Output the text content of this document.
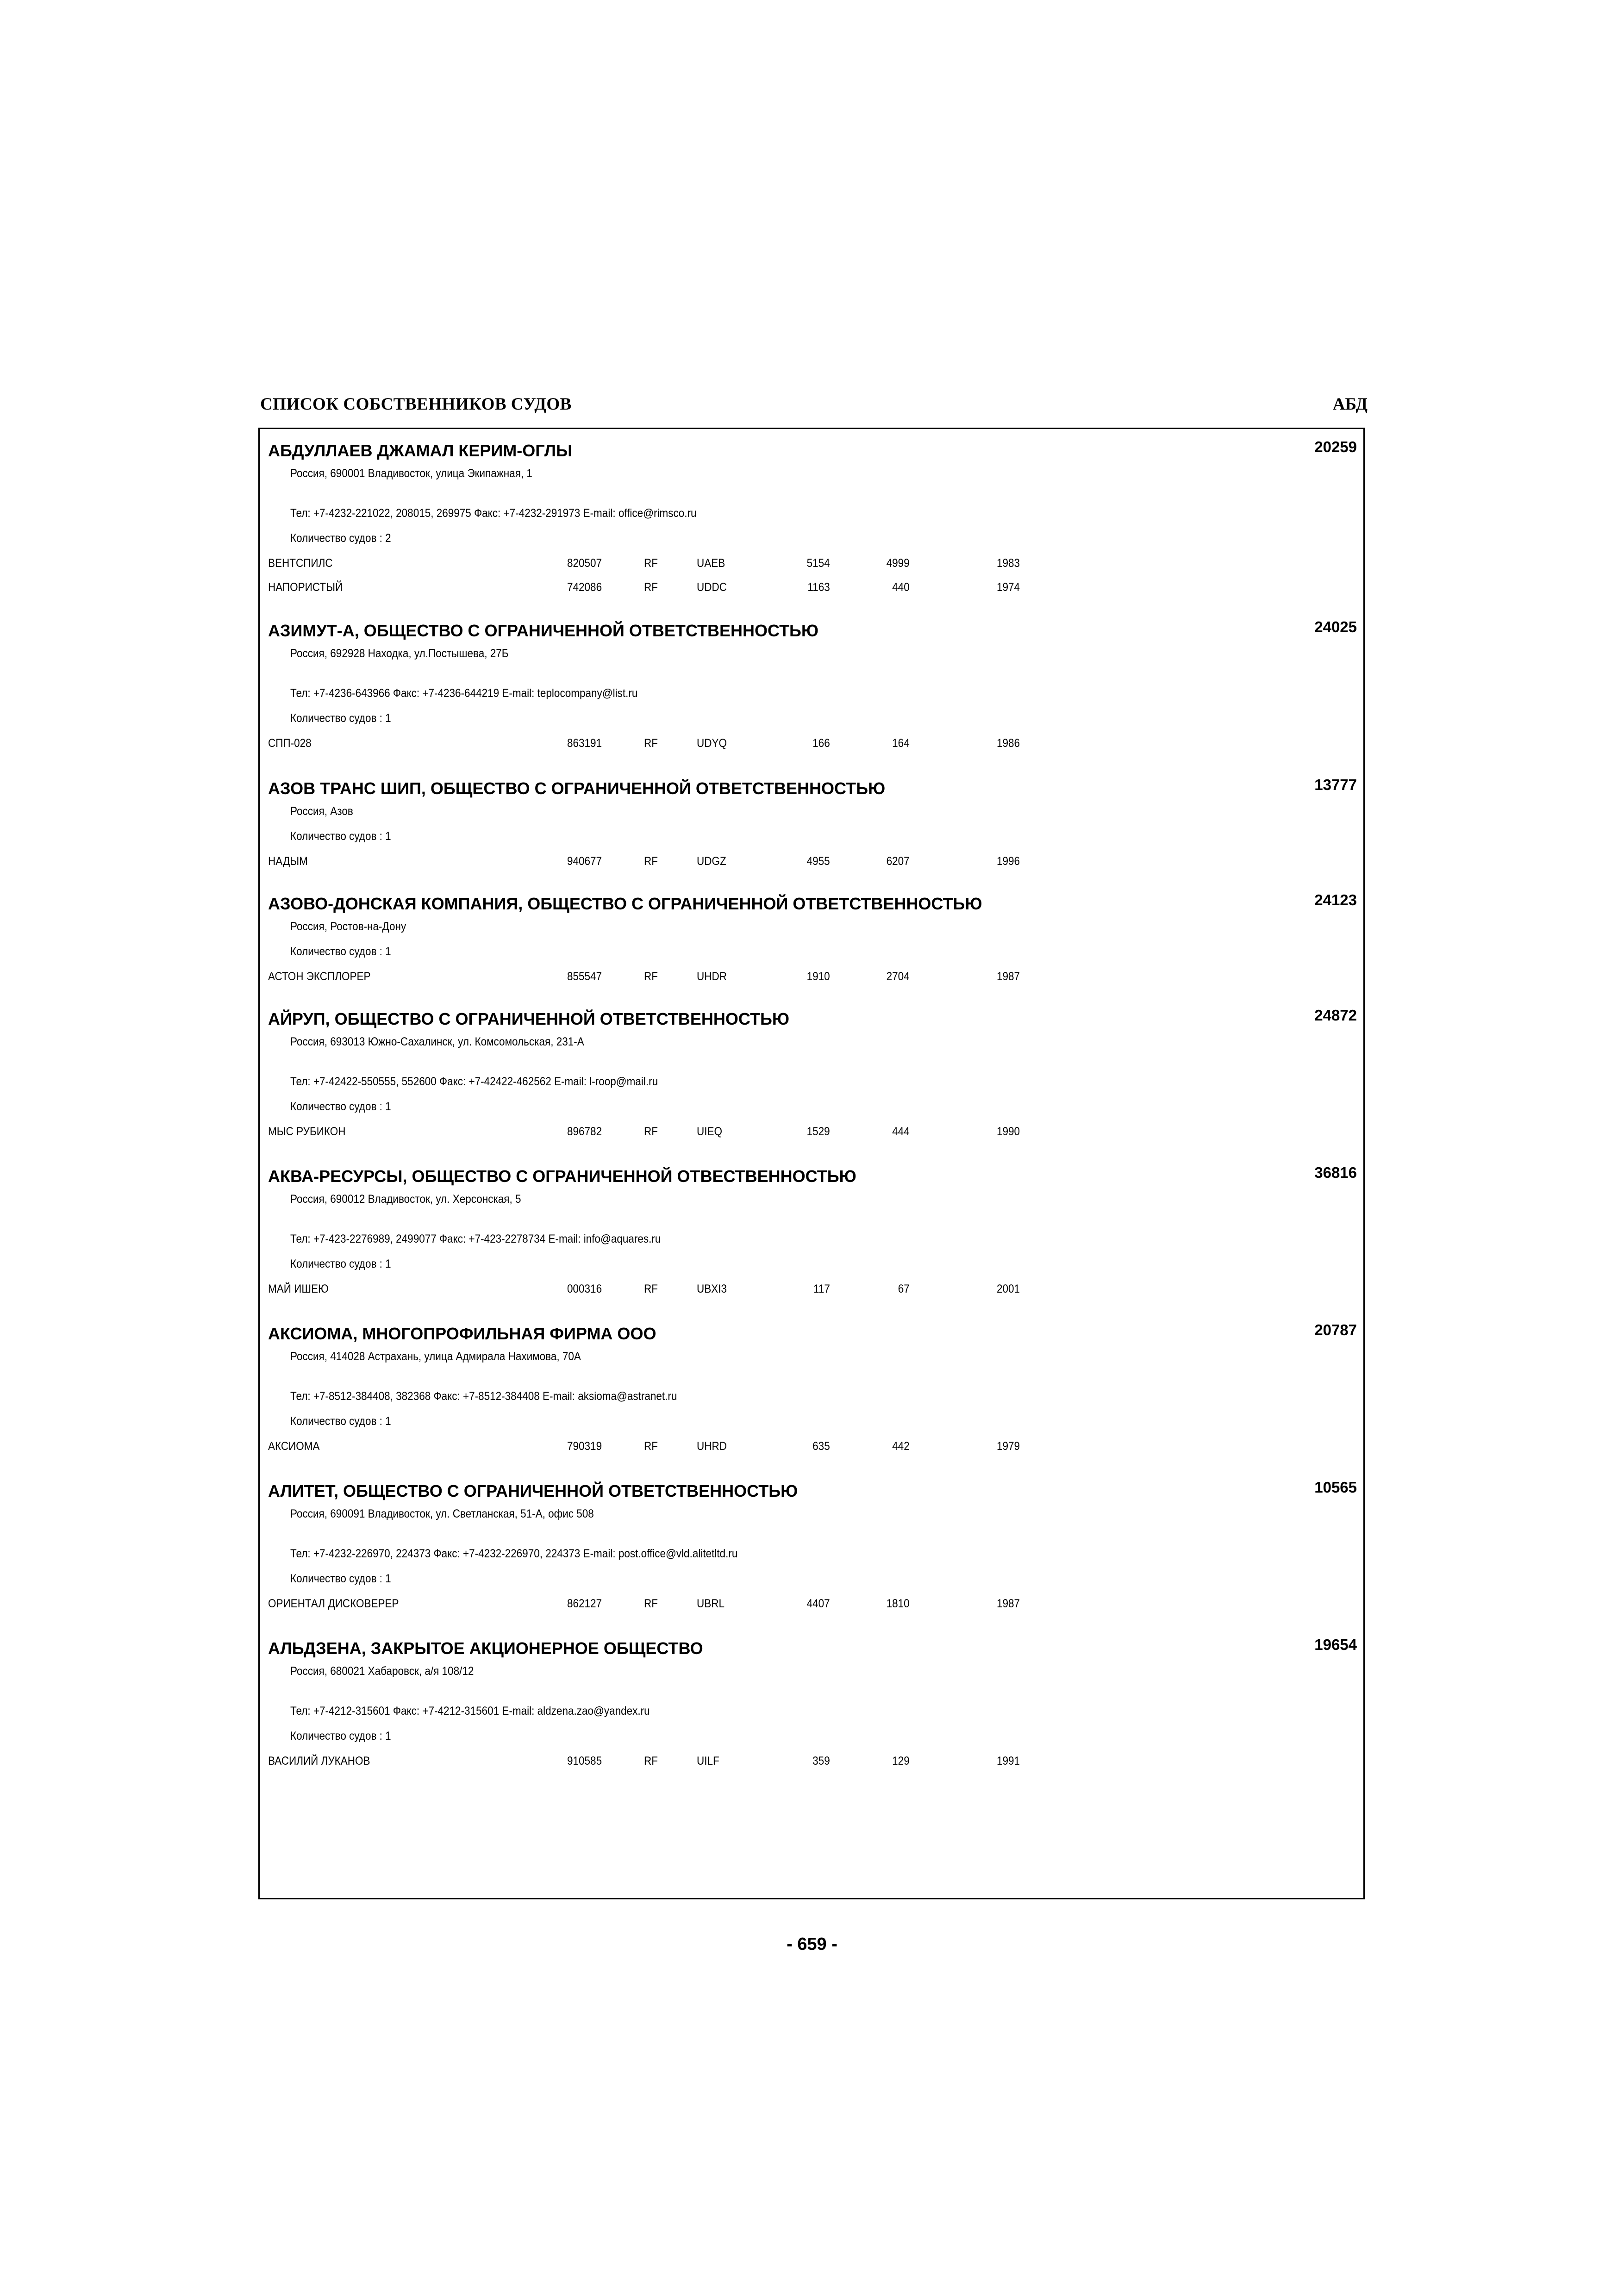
СПИСОК СОБСТВЕННИКОВ СУДОВ	АБД
АБДУЛЛАЕВ ДЖАМАЛ КЕРИМ-ОГЛЫ	20259
Россия, 690001 Владивосток, улица Экипажная, 1
Тел: +7-4232-221022, 208015, 269975 Факс: +7-4232-291973 E-mail: office@rimsco.ru
Количество судов : 2
ВЕНТСПИЛС	820507	RF	UAEB	5154	4999	1983
НАПОРИСТЫЙ	742086	RF	UDDC	1163	440	1974
АЗИМУТ-А, ОБЩЕСТВО С ОГРАНИЧЕННОЙ ОТВЕТСТВЕННОСТЬЮ	24025
Россия, 692928 Находка, ул.Постышева, 27Б
Тел: +7-4236-643966 Факс: +7-4236-644219 E-mail: teploсompany@list.ru
Количество судов : 1
СПП-028	863191	RF	UDYQ	166	164	1986
АЗОВ ТРАНС ШИП, ОБЩЕСТВО С ОГРАНИЧЕННОЙ ОТВЕТСТВЕННОСТЬЮ	13777
Россия, Азов
Количество судов : 1
НАДЫМ	940677	RF	UDGZ	4955	6207	1996
АЗОВО-ДОНСКАЯ КОМПАНИЯ, ОБЩЕСТВО С ОГРАНИЧЕННОЙ ОТВЕТСТВЕННОСТЬЮ	24123
Россия, Ростов-на-Дону
Количество судов : 1
АСТОН ЭКСПЛОРЕР	855547	RF	UHDR	1910	2704	1987
АЙРУП, ОБЩЕСТВО С ОГРАНИЧЕННОЙ ОТВЕТСТВЕННОСТЬЮ	24872
Россия, 693013 Южно-Сахалинск, ул. Комсомольская, 231-А
Тел: +7-42422-550555, 552600 Факс: +7-42422-462562 E-mail: l-roop@mail.ru
Количество судов : 1
МЫС РУБИКОН	896782	RF	UIEQ	1529	444	1990
АКВА-РЕСУРСЫ, ОБЩЕСТВО С ОГРАНИЧЕННОЙ ОТВЕСТВЕННОСТЬЮ	36816
Россия, 690012 Владивосток, ул. Херсонская, 5
Тел: +7-423-2276989, 2499077 Факс: +7-423-2278734 E-mail: info@aquares.ru
Количество судов : 1
МАЙ ИШЕЮ	000316	RF	UBXI3	117	67	2001
АКСИОМА, МНОГОПРОФИЛЬНАЯ ФИРМА ООО	20787
Россия, 414028 Астрахань, улица Адмирала Нахимова, 70А
Тел: +7-8512-384408, 382368 Факс: +7-8512-384408 E-mail: aksioma@astranet.ru
Количество судов : 1
АКСИОМА	790319	RF	UHRD	635	442	1979
АЛИТЕТ, ОБЩЕСТВО С ОГРАНИЧЕННОЙ ОТВЕТСТВЕННОСТЬЮ	10565
Россия, 690091 Владивосток, ул. Светланская, 51-А, офис 508
Тел: +7-4232-226970, 224373 Факс: +7-4232-226970, 224373 E-mail: post.office@vld.alitetltd.ru
Количество судов : 1
ОРИЕНТАЛ ДИСКОВЕРЕР	862127	RF	UBRL	4407	1810	1987
АЛЬДЗЕНА, ЗАКРЫТОЕ АКЦИОНЕРНОЕ ОБЩЕСТВО	19654
Россия, 680021 Хабаровск, а/я 108/12
Тел: +7-4212-315601 Факс: +7-4212-315601 E-mail: aldzena.zao@yandex.ru
Количество судов : 1
ВАСИЛИЙ ЛУКАНОВ	910585	RF	UILF	359	129	1991
- 659 -
